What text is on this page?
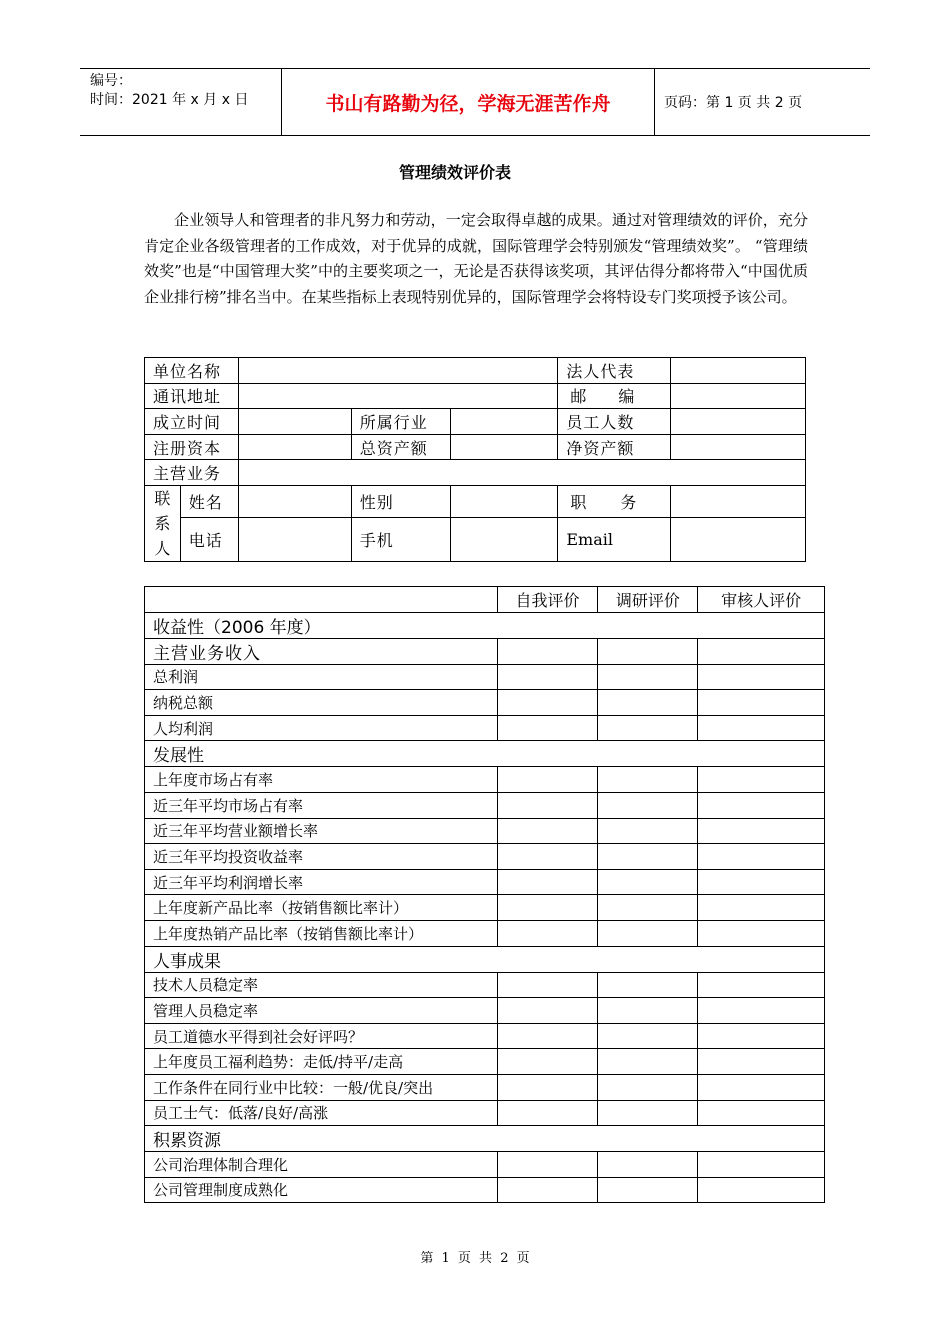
编号：
时间：2021 年 x 月 x 日	书山有路勤为径，学海无涯苦作舟	页码：第 1 页 共 2 页
管理绩效评价表

企业领导人和管理者的非凡努力和劳动，一定会取得卓越的成果。通过对管理绩效的评价，充分肯定企业各级管理者的工作成效，对于优异的成就，国际管理学会特别颁发“管理绩效奖”。 “管理绩效奖”也是“中国管理大奖”中的主要奖项之一，无论是否获得该奖项，其评估得分都将带入“中国优质企业排行榜”排名当中。在某些指标上表现特别优异的，国际管理学会将特设专门奖项授予该公司。

单位名称					法人代表	
通讯地址					邮编	
成立时间			所属行业		员工人数	
注册资本			总资产额		净资产额	
主营业务						
联系人	姓名		性别		职务	
	电话		手机		Email	
	自我评价	调研评价	审核人评价
收益性（2006 年度）			
主营业务收入			
总利润			
纳税总额			
人均利润			
发展性			
上年度市场占有率			
近三年平均市场占有率			
近三年平均营业额增长率			
近三年平均投资收益率			
近三年平均利润增长率			
上年度新产品比率（按销售额比率计）			
上年度热销产品比率（按销售额比率计）			
人事成果			
技术人员稳定率			
管理人员稳定率			
员工道德水平得到社会好评吗？			
上年度员工福利趋势：走低/持平/走高			
工作条件在同行业中比较：一般/优良/突出			
员工士气：低落/良好/高涨			
积累资源			
公司治理体制合理化			
公司管理制度成熟化			
第 1 页 共 2 页
